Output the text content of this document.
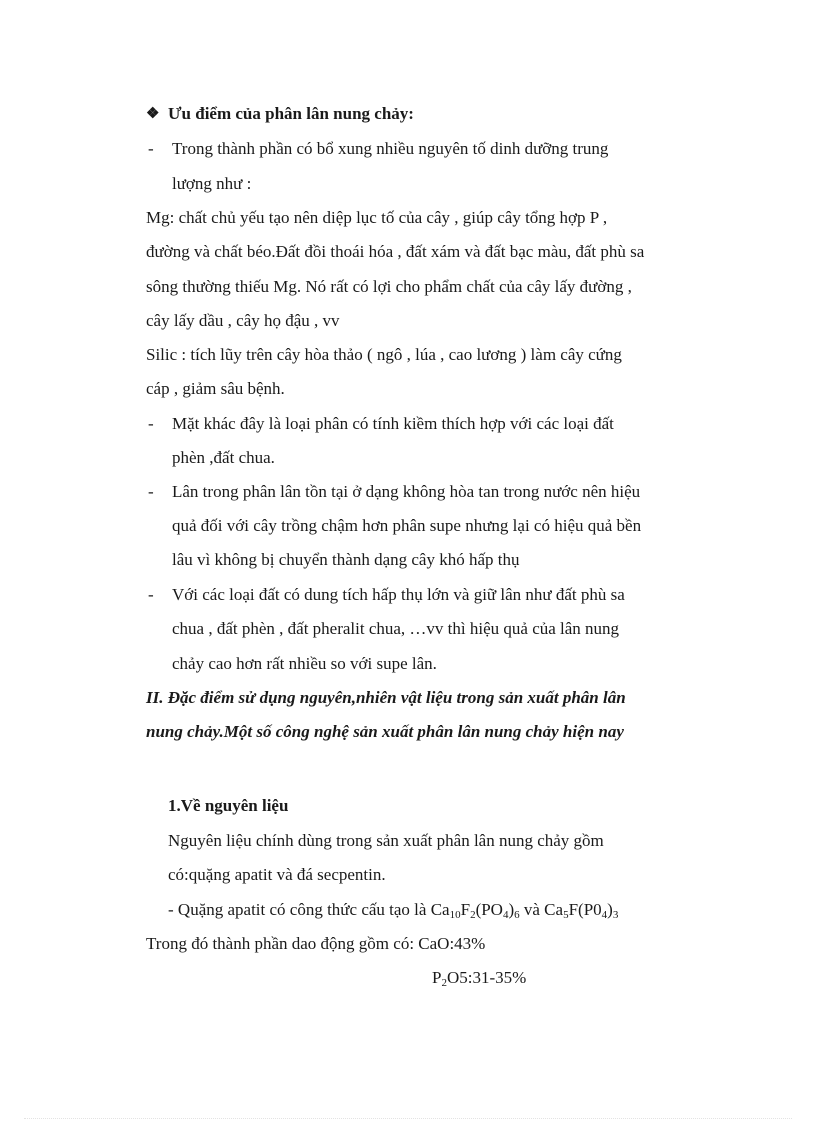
❖ Ưu điểm của phân lân nung chảy:
- Trong thành phần có bổ xung nhiều nguyên tố dinh dưỡng trung
lượng như :
Mg: chất chủ yếu tạo nên diệp lục tố của cây , giúp cây tổng hợp P ,
đường và chất béo.Đất đồi thoái hóa , đất xám và đất bạc màu, đất phù sa
sông thường thiếu Mg. Nó rất có lợi cho phẩm chất của cây lấy đường ,
cây lấy dầu , cây họ đậu , vv
Silic : tích lũy trên cây hòa thảo ( ngô , lúa , cao lương ) làm cây cứng
cáp , giảm sâu bệnh.
- Mặt khác đây là loại phân có tính kiềm thích hợp với các loại đất
phèn ,đất chua.
- Lân trong phân lân tồn tại ở dạng không hòa tan trong nước nên hiệu
quả đối với cây trồng chậm hơn phân supe nhưng lại có hiệu quả bền
lâu vì không bị chuyển thành dạng cây khó hấp thụ
- Với các loại đất có dung tích hấp thụ lớn và giữ lân như đất phù sa
chua , đất phèn , đất pheralit chua, …vv thì hiệu quả của lân nung
chảy cao hơn rất nhiều so với supe lân.
II. Đặc điểm sử dụng nguyên,nhiên vật liệu trong sản xuất phân lân
nung chảy.Một số công nghệ sản xuất phân lân nung chảy hiện nay
1.Về nguyên liệu
Nguyên liệu chính dùng trong sản xuất phân lân nung chảy gồm
có:quặng apatit và đá secpentin.
- Quặng apatit có công thức cấu tạo là $Ca_{10}F_2(PO_4)_6$ và $Ca_5F(P0_4)_3$
Trong đó thành phần dao động gồm có: CaO:43%
$P_2O5:31-35\%$
